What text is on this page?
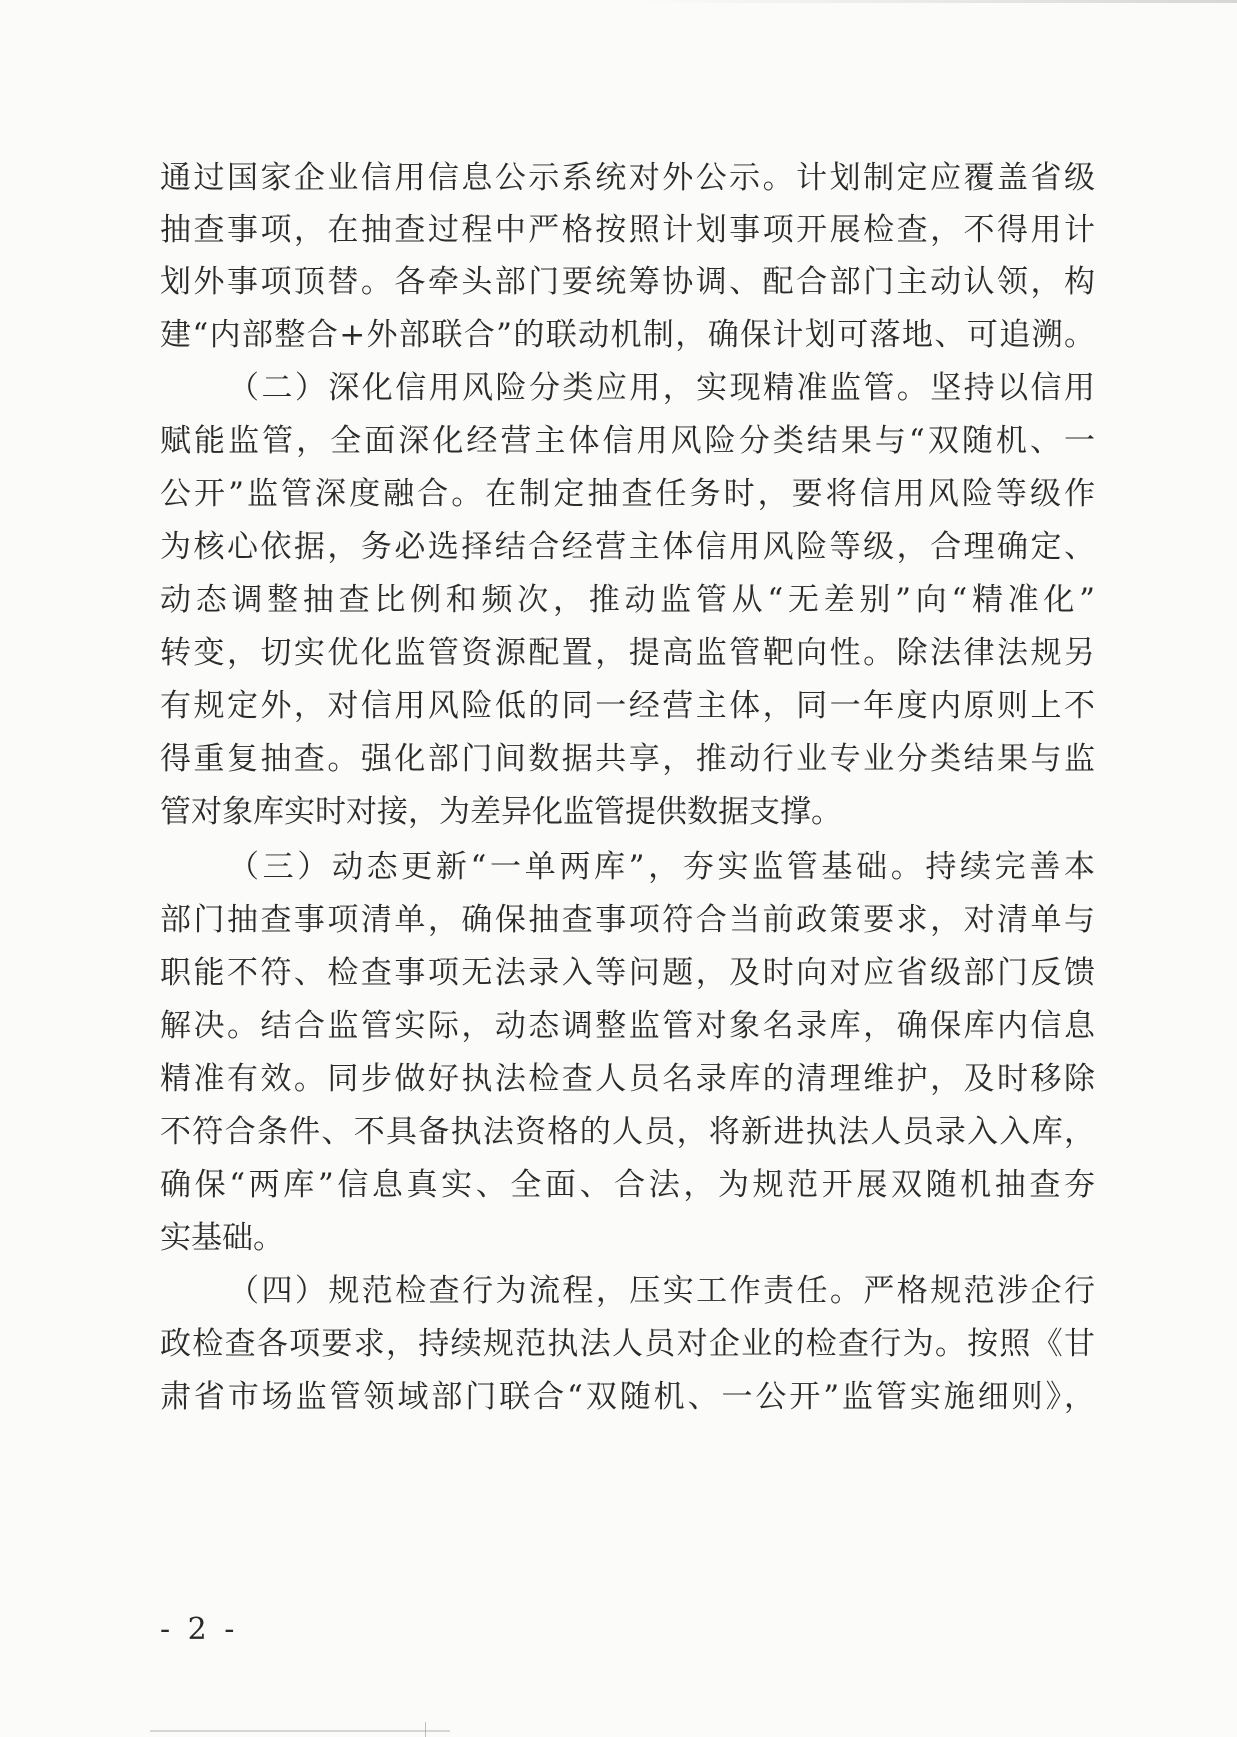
通过国家企业信用信息公示系统对外公示。计划制定应覆盖省级
抽查事项，在抽查过程中严格按照计划事项开展检查，不得用计
划外事项顶替。各牵头部门要统筹协调、配合部门主动认领，构
建“内部整合+外部联合”的联动机制，确保计划可落地、可追溯。
（二）深化信用风险分类应用，实现精准监管。坚持以信用
赋能监管，全面深化经营主体信用风险分类结果与“双随机、一
公开”监管深度融合。在制定抽查任务时，要将信用风险等级作
为核心依据，务必选择结合经营主体信用风险等级，合理确定、
动态调整抽查比例和频次，推动监管从“无差别”向“精准化”
转变，切实优化监管资源配置，提高监管靶向性。除法律法规另
有规定外，对信用风险低的同一经营主体，同一年度内原则上不
得重复抽查。强化部门间数据共享，推动行业专业分类结果与监
管对象库实时对接，为差异化监管提供数据支撑。
（三）动态更新“一单两库”，夯实监管基础。持续完善本
部门抽查事项清单，确保抽查事项符合当前政策要求，对清单与
职能不符、检查事项无法录入等问题，及时向对应省级部门反馈
解决。结合监管实际，动态调整监管对象名录库，确保库内信息
精准有效。同步做好执法检查人员名录库的清理维护，及时移除
不符合条件、不具备执法资格的人员，将新进执法人员录入入库，
确保“两库”信息真实、全面、合法，为规范开展双随机抽查夯
实基础。
（四）规范检查行为流程，压实工作责任。严格规范涉企行
政检查各项要求，持续规范执法人员对企业的检查行为。按照《甘
肃省市场监管领域部门联合“双随机、一公开”监管实施细则》，
- 2 -
